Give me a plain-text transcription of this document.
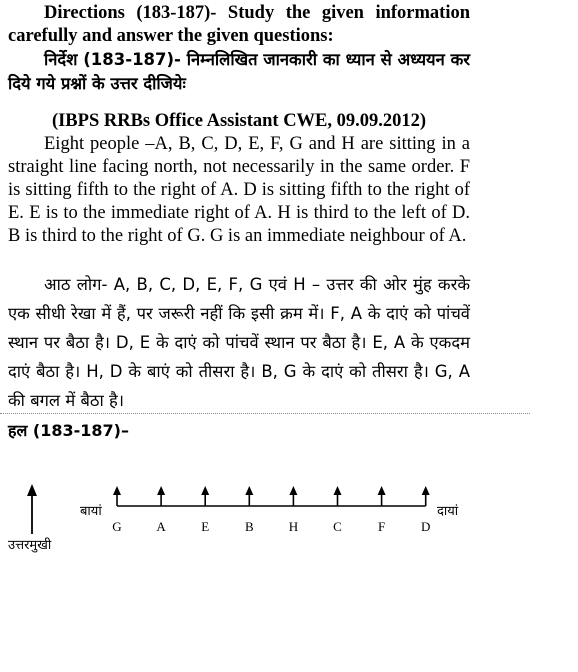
Directions (183-187)- Study the given information carefully and answer the given questions:
निर्देश (183-187)- निम्नलिखित जानकारी का ध्यान से अध्ययन कर दिये गये प्रश्नों के उत्तर दीजियेः
(IBPS RRBs Office Assistant CWE, 09.09.2012)
Eight people –A, B, C, D, E, F, G and H are sitting in a straight line facing north, not necessarily in the same order. F is sitting fifth to the right of A. D is sitting fifth to the right of E. E is to the immediate right of A. H is third to the left of D. B is third to the right of G. G is an immediate neighbour of A.
आठ लोग- A, B, C, D, E, F, G एवं H – उत्तर की ओर मुंह करके एक सीधी रेखा में हैं, पर जरूरी नहीं कि इसी क्रम में। F, A के दाएं को पांचवें स्थान पर बैठा है। D, E के दाएं को पांचवें स्थान पर बैठा है। E, A के एकदम दाएं बैठा है। H, D के बाएं को तीसरा है। B, G के दाएं को तीसरा है। G, A की बगल में बैठा है।
हल (183-187)–
उत्तरमुखी
बायां	दायां
G	A	E	B	H	C	F	D
